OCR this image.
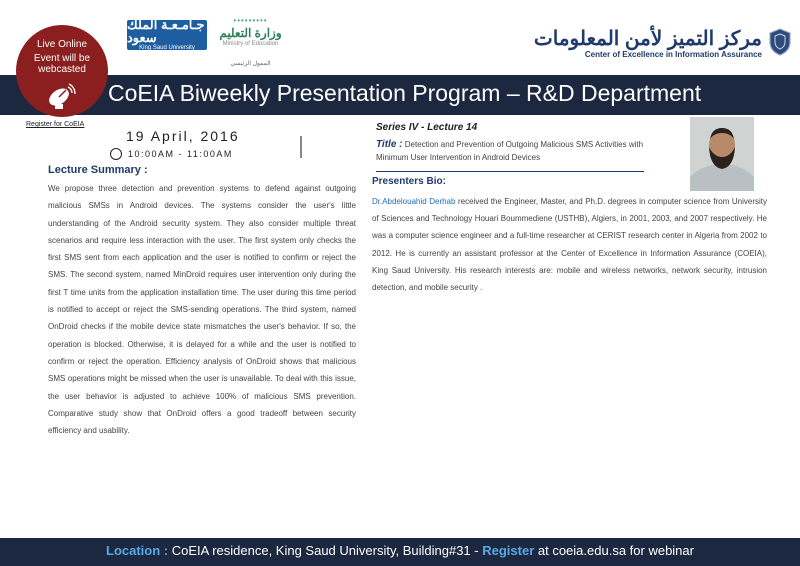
جـامـعـة الملك سعود
King Saud University
•••••••••
وزارة التعليم
Ministry of Education
الممول الرئيسي
مركز التميز لأمن المعلومات
Center of Excellence in Information Assurance
CoEIA Biweekly Presentation Program – R&D Department
Live Online
Event will be webcasted
Register for CoEIA
19 April, 2016
10:00AM - 11:00AM
Lecture Summary :
We propose three detection and prevention systems to defend against outgoing malicious SMSs in Android devices. The systems consider the user's little understanding of the Android security system. They also consider multiple threat scenarios and require less interaction with the user. The first system only checks the first SMS sent from each application and the user is notified to confirm or reject the SMS. The second system, named MinDroid requires user intervention only during the first T time units from the application installation time. The user during this time period is notified to accept or reject the SMS-sending operations. The third system, named OnDroid checks if the mobile device state mismatches the user's behavior. If so, the operation is blocked. Otherwise, it is delayed for a while and the user is notified to confirm or reject the operation. Efficiency analysis of OnDroid shows that malicious SMS operations might be missed when the user is unavailable. To deal with this issue, the user behavior is adjusted to achieve 100% of malicious SMS prevention. Comparative study show that OnDroid offers a good tradeoff between security efficiency and usability.
Series IV - Lecture 14
Title : Detection and Prevention of Outgoing Malicious SMS Activities with Minimum User Intervention in Android Devices
Presenters Bio:
Dr.Abdelouahid Derhab received the Engineer, Master, and Ph.D. degrees in computer science from University of Sciences and Technology Houari Boummediene (USTHB), Algiers, in 2001, 2003, and 2007 respectively. He was a computer science engineer and a full-time researcher at CERIST research center in Algeria from 2002 to 2012. He is currently an assistant professor at the Center of Excellence in Information Assurance (COEIA), King Saud University. His research interests are: mobile and wireless networks, network security, intrusion detection, and mobile security .
Location : CoEIA residence, King Saud University, Building#31 - Register at coeia.edu.sa for webinar
